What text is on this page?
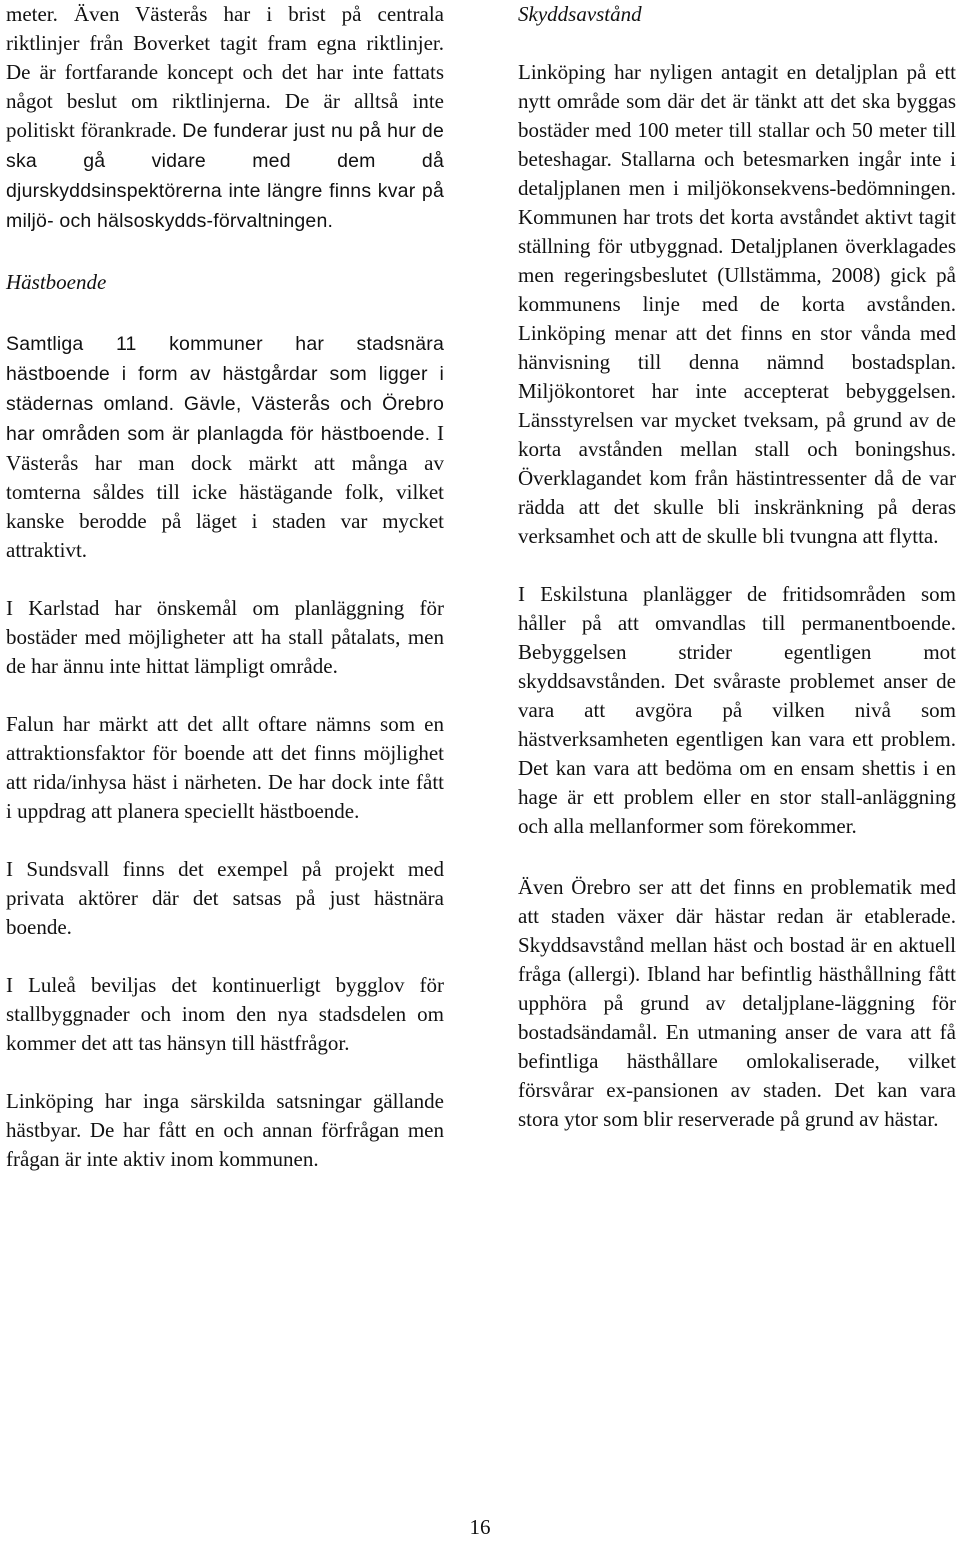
meter. Även Västerås har i brist på centrala riktlinjer från Boverket tagit fram egna riktlinjer. De är fortfarande koncept och det har inte fattats något beslut om riktlinjerna. De är alltså inte politiskt förankrade. De funderar just nu på hur de ska gå vidare med dem då djurskyddsinspektörerna inte längre finns kvar på miljö- och hälsoskydds-förvaltningen.

Hästboende

Samtliga 11 kommuner har stadsnära hästboende i form av hästgårdar som ligger i städernas omland. Gävle, Västerås och Örebro har områden som är planlagda för hästboende. I Västerås har man dock märkt att många av tomterna såldes till icke hästägande folk, vilket kanske berodde på läget i staden var mycket attraktivt.

I Karlstad har önskemål om planläggning för bostäder med möjligheter att ha stall påtalats, men de har ännu inte hittat lämpligt område.

Falun har märkt att det allt oftare nämns som en attraktionsfaktor för boende att det finns möjlighet att rida/inhysa häst i närheten. De har dock inte fått i uppdrag att planera speciellt hästboende.

I Sundsvall finns det exempel på projekt med privata aktörer där det satsas på just hästnära boende.

I Luleå beviljas det kontinuerligt bygglov för stallbyggnader och inom den nya stadsdelen om kommer det att tas hänsyn till hästfrågor.

Linköping har inga särskilda satsningar gällande hästbyar. De har fått en och annan förfrågan men frågan är inte aktiv inom kommunen.

Skyddsavstånd

Linköping har nyligen antagit en detaljplan på ett nytt område som där det är tänkt att det ska byggas bostäder med 100 meter till stallar och 50 meter till beteshagar. Stallarna och betesmarken ingår inte i detaljplanen men i miljökonsekvens-bedömningen. Kommunen har trots det korta avståndet aktivt tagit ställning för utbyggnad. Detaljplanen överklagades men regeringsbeslutet (Ullstämma, 2008) gick på kommunens linje med de korta avstånden. Linköping menar att det finns en stor vånda med hänvisning till denna nämnd bostadsplan. Miljökontoret har inte accepterat bebyggelsen. Länsstyrelsen var mycket tveksam, på grund av de korta avstånden mellan stall och boningshus. Överklagandet kom från hästintressenter då de var rädda att det skulle bli inskränkning på deras verksamhet och att de skulle bli tvungna att flytta.

I Eskilstuna planlägger de fritidsområden som håller på att omvandlas till permanentboende. Bebyggelsen strider egentligen mot skyddsavstånden. Det svåraste problemet anser de vara att avgöra på vilken nivå som hästverksamheten egentligen kan vara ett problem. Det kan vara att bedöma om en ensam shettis i en hage är ett problem eller en stor stall-anläggning och alla mellanformer som förekommer.

Även Örebro ser att det finns en problematik med att staden växer där hästar redan är etablerade. Skyddsavstånd mellan häst och bostad är en aktuell fråga (allergi). Ibland har befintlig hästhållning fått upphöra på grund av detaljplane-läggning för bostadsändamål. En utmaning anser de vara att få befintliga hästhållare omlokaliserade, vilket försvårar ex-pansionen av staden. Det kan vara stora ytor som blir reserverade på grund av hästar.

16
